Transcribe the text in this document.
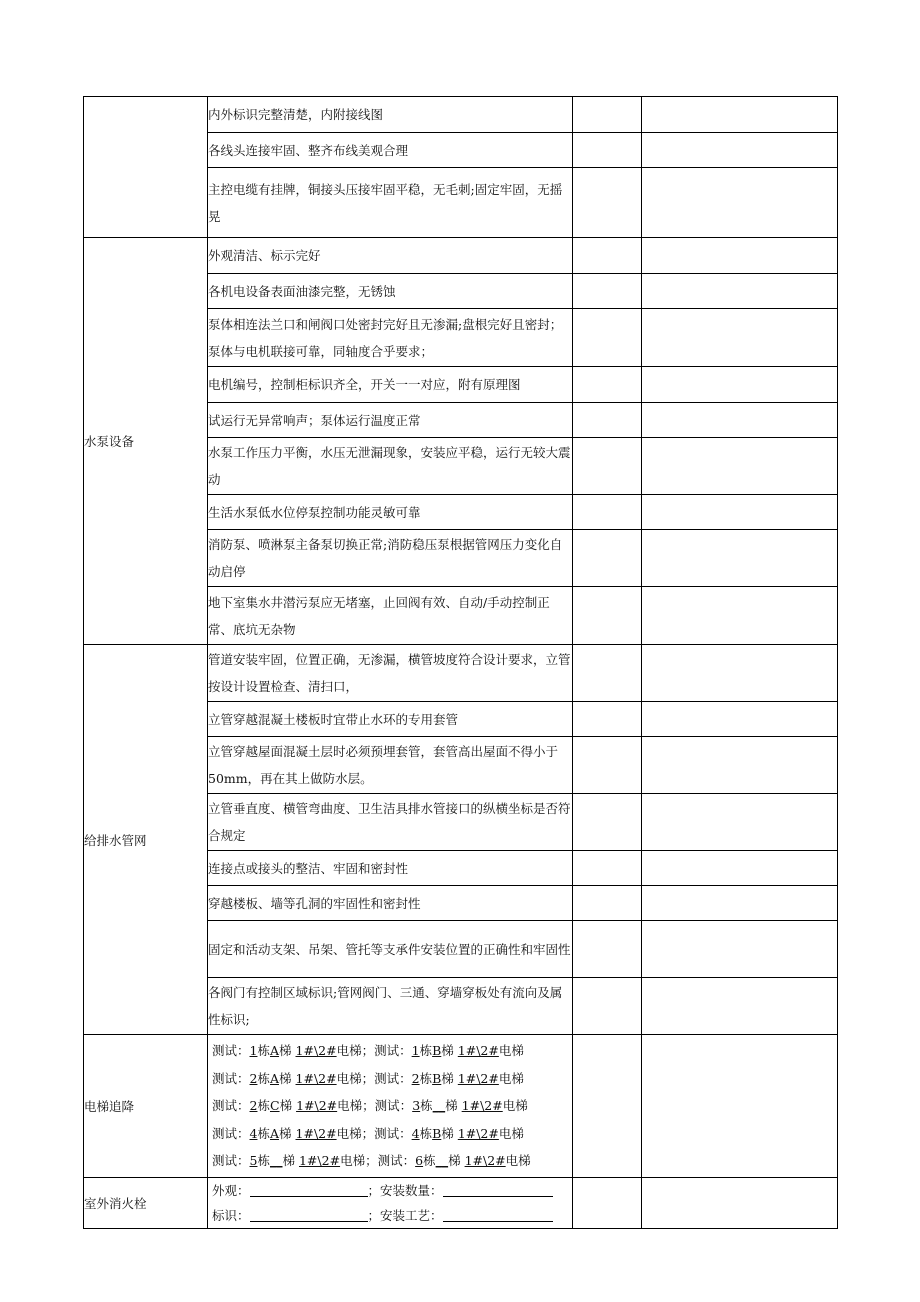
	内外标识完整清楚，内附接线图		
	各线头连接牢固、整齐布线美观合理		
	主控电缆有挂牌，铜接头压接牢固平稳，无毛刺;固定牢固，无摇晃		
水泵设备	外观清洁、标示完好		
	各机电设备表面油漆完整，无锈蚀		
	泵体相连法兰口和闸阀口处密封完好且无渗漏;盘根完好且密封；泵体与电机联接可靠，同轴度合乎要求；		
	电机编号，控制柜标识齐全，开关一一对应，附有原理图		
	试运行无异常响声；泵体运行温度正常		
	水泵工作压力平衡，水压无泄漏现象，安装应平稳，运行无较大震动		
	生活水泵低水位停泵控制功能灵敏可靠		
	消防泵、喷淋泵主备泵切换正常;消防稳压泵根据管网压力变化自动启停		
	地下室集水井潜污泵应无堵塞，止回阀有效、自动/手动控制正常、底坑无杂物		
给排水管网	管道安装牢固，位置正确，无渗漏，横管坡度符合设计要求，立管按设计设置检查、清扫口，		
	立管穿越混凝土楼板时宜带止水环的专用套管		
	立管穿越屋面混凝土层时必须预埋套管，套管高出屋面不得小于 50mm，再在其上做防水层。		
	立管垂直度、横管弯曲度、卫生洁具排水管接口的纵横坐标是否符合规定		
	连接点或接头的整洁、牢固和密封性		
	穿越楼板、墙等孔洞的牢固性和密封性		
	固定和活动支架、吊架、管托等支承件安装位置的正确性和牢固性		
	各阀门有控制区域标识;管网阀门、三通、穿墙穿板处有流向及属性标识;		
电梯追降	测试：1栋A梯 1#\2#电梯；测试：1栋B梯 1#\2#电梯
测试：2栋A梯 1#\2#电梯；测试：2栋B梯 1#\2#电梯
测试：2栋C梯 1#\2#电梯；测试：3栋__梯 1#\2#电梯
测试：4栋A梯 1#\2#电梯；测试：4栋B梯 1#\2#电梯
测试：5栋__梯 1#\2#电梯；测试：6栋__梯 1#\2#电梯		

室外消火栓	外观： ；安装数量：
标识： ；安装工艺：		
